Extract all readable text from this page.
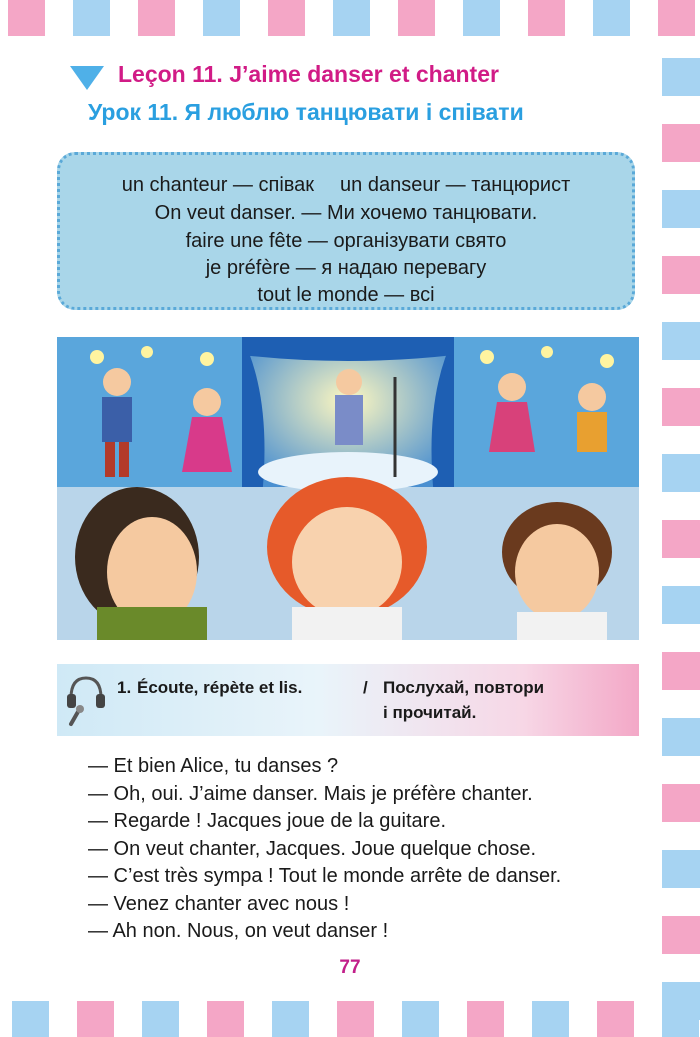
Leçon 11. J’aime danser et chanter
Урок 11. Я люблю танцювати і співати
un chanteur — співак un danseur — танцюрист
On veut danser. — Ми хочемо танцювати.
faire une fête — організувати свято
je préfère — я надаю перевагу
tout le monde — всі
1. Écoute, répète et lis.	/ Послухай, повтори
і прочитай.
— Et bien Alice, tu danses ?
— Oh, oui. J’aime danser. Mais je préfère chanter.
— Regarde ! Jacques joue de la guitare.
— On veut chanter, Jacques. Joue quelque chose.
— C’est très sympa ! Tout le monde arrête de danser.
— Venez chanter avec nous !
— Ah non. Nous, on veut danser !
77
